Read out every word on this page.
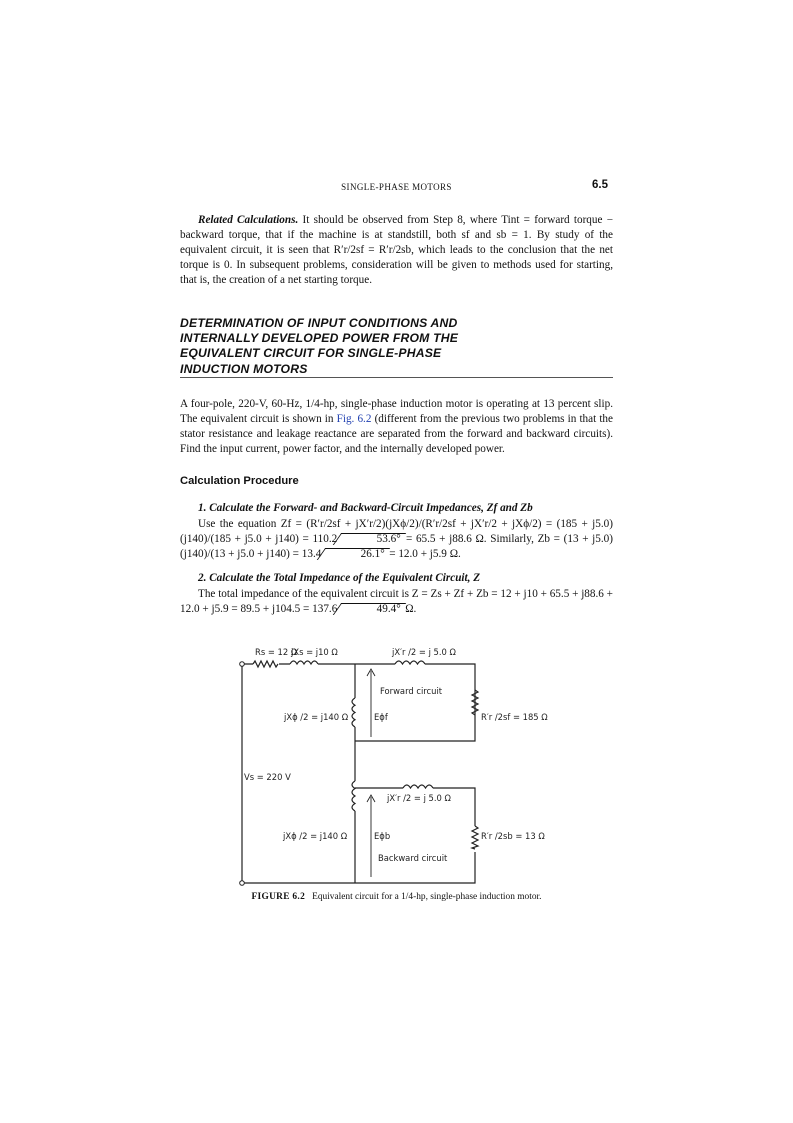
SINGLE-PHASE MOTORS	6.5

Related Calculations. It should be observed from Step 8, where Tint = forward torque − backward torque, that if the machine is at standstill, both sf and sb = 1. By study of the equivalent circuit, it is seen that R′r/2sf = R′r/2sb, which leads to the conclusion that the net torque is 0. In subsequent problems, consideration will be given to methods used for starting, that is, the creation of a net starting torque.

DETERMINATION OF INPUT CONDITIONS AND INTERNALLY DEVELOPED POWER FROM THE EQUIVALENT CIRCUIT FOR SINGLE-PHASE INDUCTION MOTORS

A four-pole, 220-V, 60-Hz, 1/4-hp, single-phase induction motor is operating at 13 percent slip. The equivalent circuit is shown in Fig. 6.2 (different from the previous two problems in that the stator resistance and leakage reactance are separated from the forward and backward circuits). Find the input current, power factor, and the internally developed power.

Calculation Procedure

1. Calculate the Forward- and Backward-Circuit Impedances, Zf and Zb

Use the equation Zf = (R′r/2sf + jX′r/2)(jXϕ/2)/(R′r/2sf + jX′r/2 + jXϕ/2) = (185 + j5.0)(j140)/(185 + j5.0 + j140) = 110.2	53.6° = 65.5 + j88.6 Ω. Similarly, Zb = (13 + j5.0)(j140)/(13 + j5.0 + j140) = 13.4	26.1° = 12.0 + j5.9 Ω.

2. Calculate the Total Impedance of the Equivalent Circuit, Z

The total impedance of the equivalent circuit is Z = Zs + Zf + Zb = 12 + j10 + 65.5 + j88.6 + 12.0 + j5.9 = 89.5 + j104.5 = 137.6	49.4° Ω.

Rs = 12 Ω
jXs = j10 Ω	jX′r /2 = j 5.0 Ω
Forward circuit
jXϕ /2 = j140 Ω	Eϕf	R′r /2sf = 185 Ω
Vs = 220 V
jX′r /2 = j 5.0 Ω
jXϕ /2 = j140 Ω	Eϕb	R′r /2sb = 13 Ω
Backward circuit
FIGURE 6.2 Equivalent circuit for a 1/4-hp, single-phase induction motor.
